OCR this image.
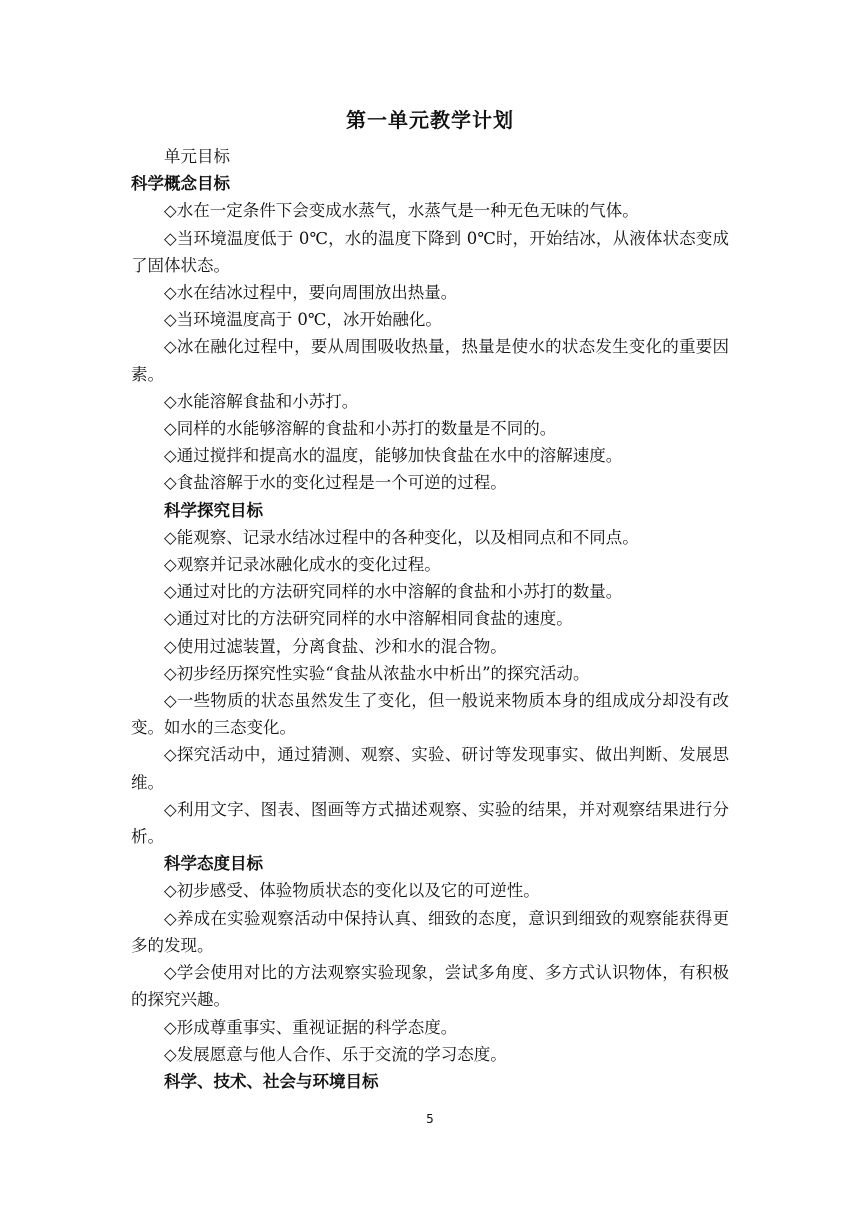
第一单元教学计划

单元目标

科学概念目标

◇水在一定条件下会变成水蒸气，水蒸气是一种无色无味的气体。

◇当环境温度低于 0℃，水的温度下降到 0℃时，开始结冰，从液体状态变成了固体状态。

◇水在结冰过程中，要向周围放出热量。

◇当环境温度高于 0℃，冰开始融化。

◇冰在融化过程中，要从周围吸收热量，热量是使水的状态发生变化的重要因素。

◇水能溶解食盐和小苏打。

◇同样的水能够溶解的食盐和小苏打的数量是不同的。

◇通过搅拌和提高水的温度，能够加快食盐在水中的溶解速度。

◇食盐溶解于水的变化过程是一个可逆的过程。

科学探究目标

◇能观察、记录水结冰过程中的各种变化，以及相同点和不同点。

◇观察并记录冰融化成水的变化过程。

◇通过对比的方法研究同样的水中溶解的食盐和小苏打的数量。

◇通过对比的方法研究同样的水中溶解相同食盐的速度。

◇使用过滤装置，分离食盐、沙和水的混合物。

◇初步经历探究性实验“食盐从浓盐水中析出”的探究活动。

◇一些物质的状态虽然发生了变化，但一般说来物质本身的组成成分却没有改变。如水的三态变化。

◇探究活动中，通过猜测、观察、实验、研讨等发现事实、做出判断、发展思维。

◇利用文字、图表、图画等方式描述观察、实验的结果，并对观察结果进行分析。

科学态度目标

◇初步感受、体验物质状态的变化以及它的可逆性。

◇养成在实验观察活动中保持认真、细致的态度，意识到细致的观察能获得更多的发现。

◇学会使用对比的方法观察实验现象，尝试多角度、多方式认识物体，有积极的探究兴趣。

◇形成尊重事实、重视证据的科学态度。

◇发展愿意与他人合作、乐于交流的学习态度。

科学、技术、社会与环境目标

5
